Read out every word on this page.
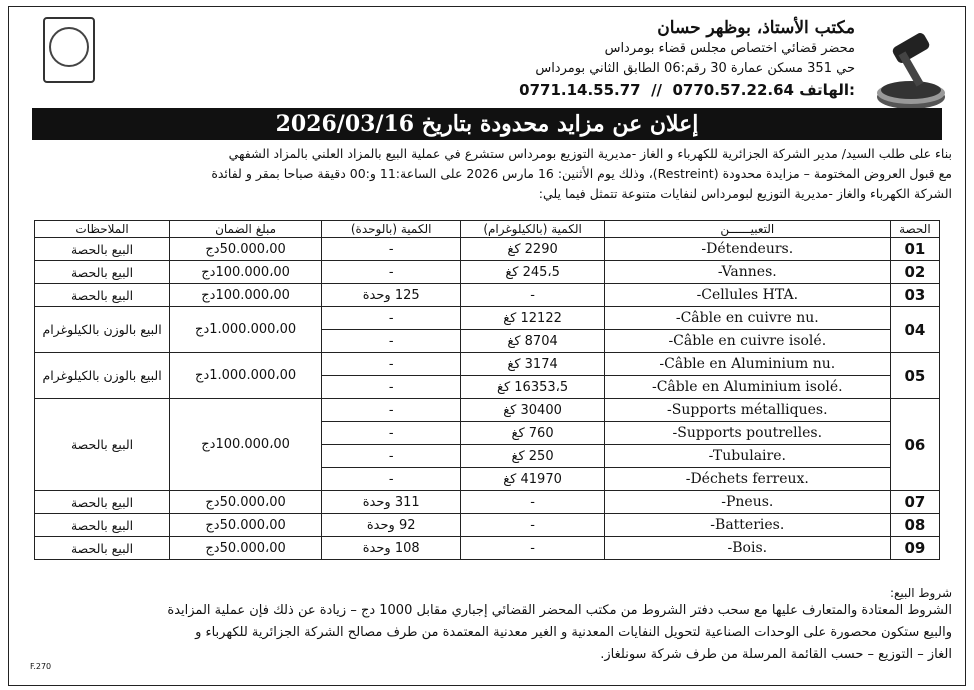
مكتب الأستاذ، بوظهر حسان
محضر قضائي اختصاص مجلس قضاء بومرداس
حي 351 مسكن عمارة 30 رقم:06 الطابق الثاني بومرداس
0771.14.55.77 // 0770.57.22.64 الهاتف:
إعلان عن مزايد محدودة بتاريخ 2026/03/16
بناء على طلب السيد/ مدير الشركة الجزائرية للكهرباء و الغاز -مديرية التوزيع بومرداس ستشرع في عملية البيع بالمزاد العلني بالمزاد الشفهي
مع قبول العروض المختومة – مزايدة محدودة (Restreint)، وذلك يوم الأثنين: 16 مارس 2026 على الساعة:11 و:00 دقيقة صباحا بمقر و لفائدة
الشركة الكهرباء والغاز -مديرية التوزيع لبومرداس لنفايات متنوعة تتمثل فيما يلي:
الحصة	التعبيــــــن	الكمية (بالكيلوغرام)	الكمية (بالوحدة)	مبلغ الضمان	الملاحظات
01	-Détendeurs.	2290 كغ	-	50.000،00دج	البيع بالحصة
02	-Vannes.	245،5 كغ	-	100.000،00دج	البيع بالحصة
03	-Cellules HTA.	-	125 وحدة	100.000،00دج	البيع بالحصة
04	-Câble en cuivre nu.	12122 كغ	-	1.000.000،00دج	البيع بالوزن بالكيلوغرام
	-Câble en cuivre isolé.	8704 كغ	-		
05	-Câble en Aluminium nu.	3174 كغ	-	1.000.000،00دج	البيع بالوزن بالكيلوغرام
	-Câble en Aluminium isolé.	16353،5 كغ	-		
06	-Supports métalliques.	30400 كغ	-	100.000،00دج	البيع بالحصة
	-Supports poutrelles.	760 كغ	-		
	-Tubulaire.	250 كغ	-		
	-Déchets ferreux.	41970 كغ	-		
07	-Pneus.	-	311 وحدة	50.000،00دج	البيع بالحصة
08	-Batteries.	-	92 وحدة	50.000،00دج	البيع بالحصة
09	-Bois.	-	108 وحدة	50.000،00دج	البيع بالحصة
شروط البيع:
الشروط المعتادة والمتعارف عليها مع سحب دفتر الشروط من مكتب المحضر القضائي إجباري مقابل 1000 دج – زيادة عن ذلك فإن عملية المزايدة
والبيع ستكون محصورة على الوحدات الصناعية لتحويل النفايات المعدنية و الغير معدنية المعتمدة من طرف مصالح الشركة الجزائرية للكهرباء و
الغاز – التوزيع – حسب القائمة المرسلة من طرف شركة سونلغاز.
F.270
